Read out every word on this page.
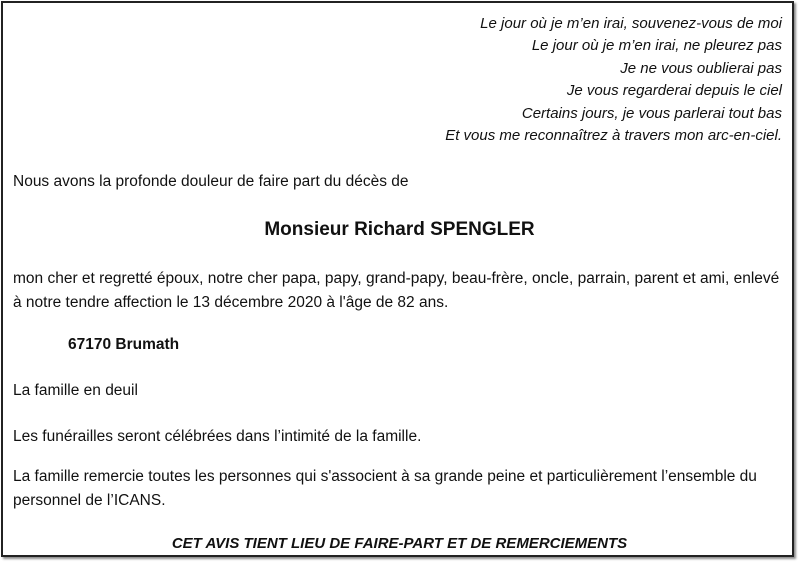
Le jour où je m’en irai, souvenez-vous de moi
Le jour où je m’en irai, ne pleurez pas
Je ne vous oublierai pas
Je vous regarderai depuis le ciel
Certains jours, je vous parlerai tout bas
Et vous me reconnaîtrez à travers mon arc-en-ciel.

Nous avons la profonde douleur de faire part du décès de

Monsieur Richard SPENGLER

mon cher et regretté époux, notre cher papa, papy, grand-papy, beau-frère, oncle, parrain, parent et ami, enlevé à notre tendre affection le 13 décembre 2020 à l'âge de 82 ans.

67170 Brumath

La famille en deuil

Les funérailles seront célébrées dans l’intimité de la famille.

La famille remercie toutes les personnes qui s'associent à sa grande peine et particulièrement l’ensemble du personnel de l’ICANS.

CET AVIS TIENT LIEU DE FAIRE-PART ET DE REMERCIEMENTS
